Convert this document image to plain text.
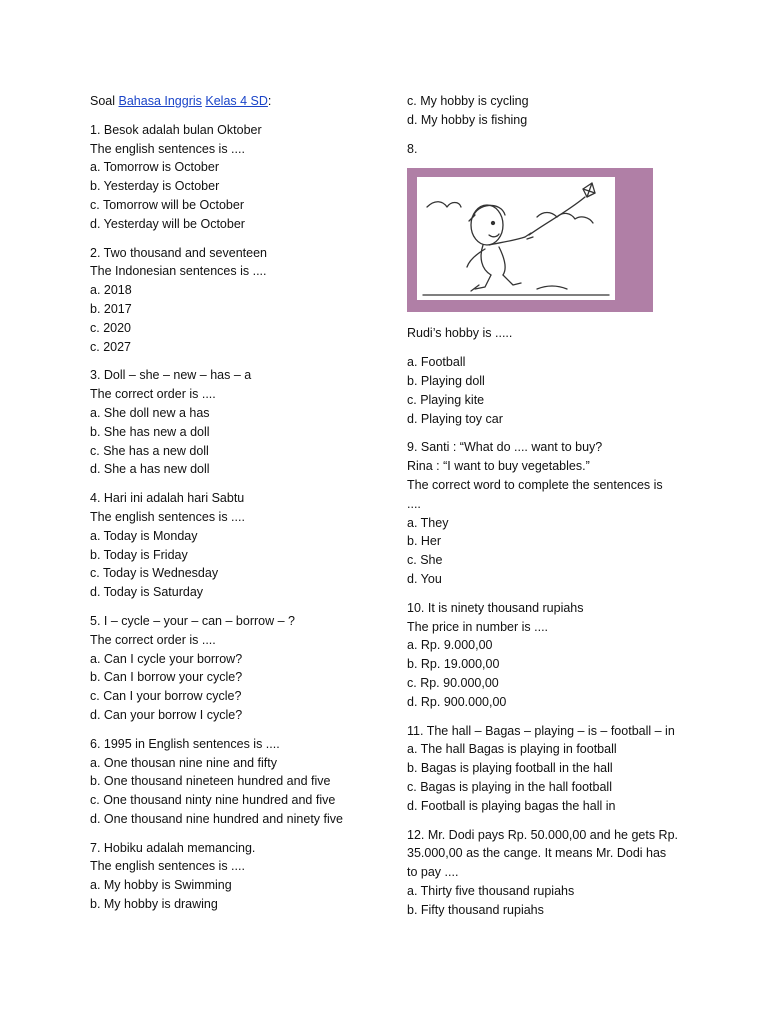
Soal Bahasa Inggris Kelas 4 SD:
1. Besok adalah bulan Oktober
The english sentences is ....
a. Tomorrow is October
b. Yesterday is October
c. Tomorrow will be October
d. Yesterday will be October
2. Two thousand and seventeen
The Indonesian sentences is ....
a. 2018
b. 2017
c. 2020
c. 2027
3. Doll – she – new – has – a
The correct order is ....
a. She doll new a has
b. She has new a doll
c. She has a new doll
d. She a has new doll
4. Hari ini adalah hari Sabtu
The english sentences is ....
a. Today is Monday
b. Today is Friday
c. Today is Wednesday
d. Today is Saturday
5. I – cycle – your – can – borrow – ?
The correct order is ....
a. Can I cycle your borrow?
b. Can I borrow your cycle?
c. Can I your borrow cycle?
d. Can your borrow I cycle?
6. 1995 in English sentences is ....
a. One thousan nine nine and fifty
b. One thousand nineteen hundred and five
c. One thousand ninty nine hundred and five
d. One thousand nine hundred and ninety five
7. Hobiku adalah memancing.
The english sentences is ....
a. My hobby is Swimming
b. My hobby is drawing
c. My hobby is cycling
d. My hobby is fishing
8.
Rudi’s hobby is .....
a. Football
b. Playing doll
c. Playing kite
d. Playing toy car
9. Santi : “What do .... want to buy?
Rina : “I want to buy vegetables.”
The correct word to complete the sentences is
....
a. They
b. Her
c. She
d. You
10. It is ninety thousand rupiahs
The price in number is ....
a. Rp. 9.000,00
b. Rp. 19.000,00
c. Rp. 90.000,00
d. Rp. 900.000,00
11. The hall – Bagas – playing – is – football – in
a. The hall Bagas is playing in football
b. Bagas is playing football in the hall
c. Bagas is playing in the hall football
d. Football is playing bagas the hall in
12. Mr. Dodi pays Rp. 50.000,00 and he gets Rp.
35.000,00 as the cange. It means Mr. Dodi has
to pay ....
a. Thirty five thousand rupiahs
b. Fifty thousand rupiahs
